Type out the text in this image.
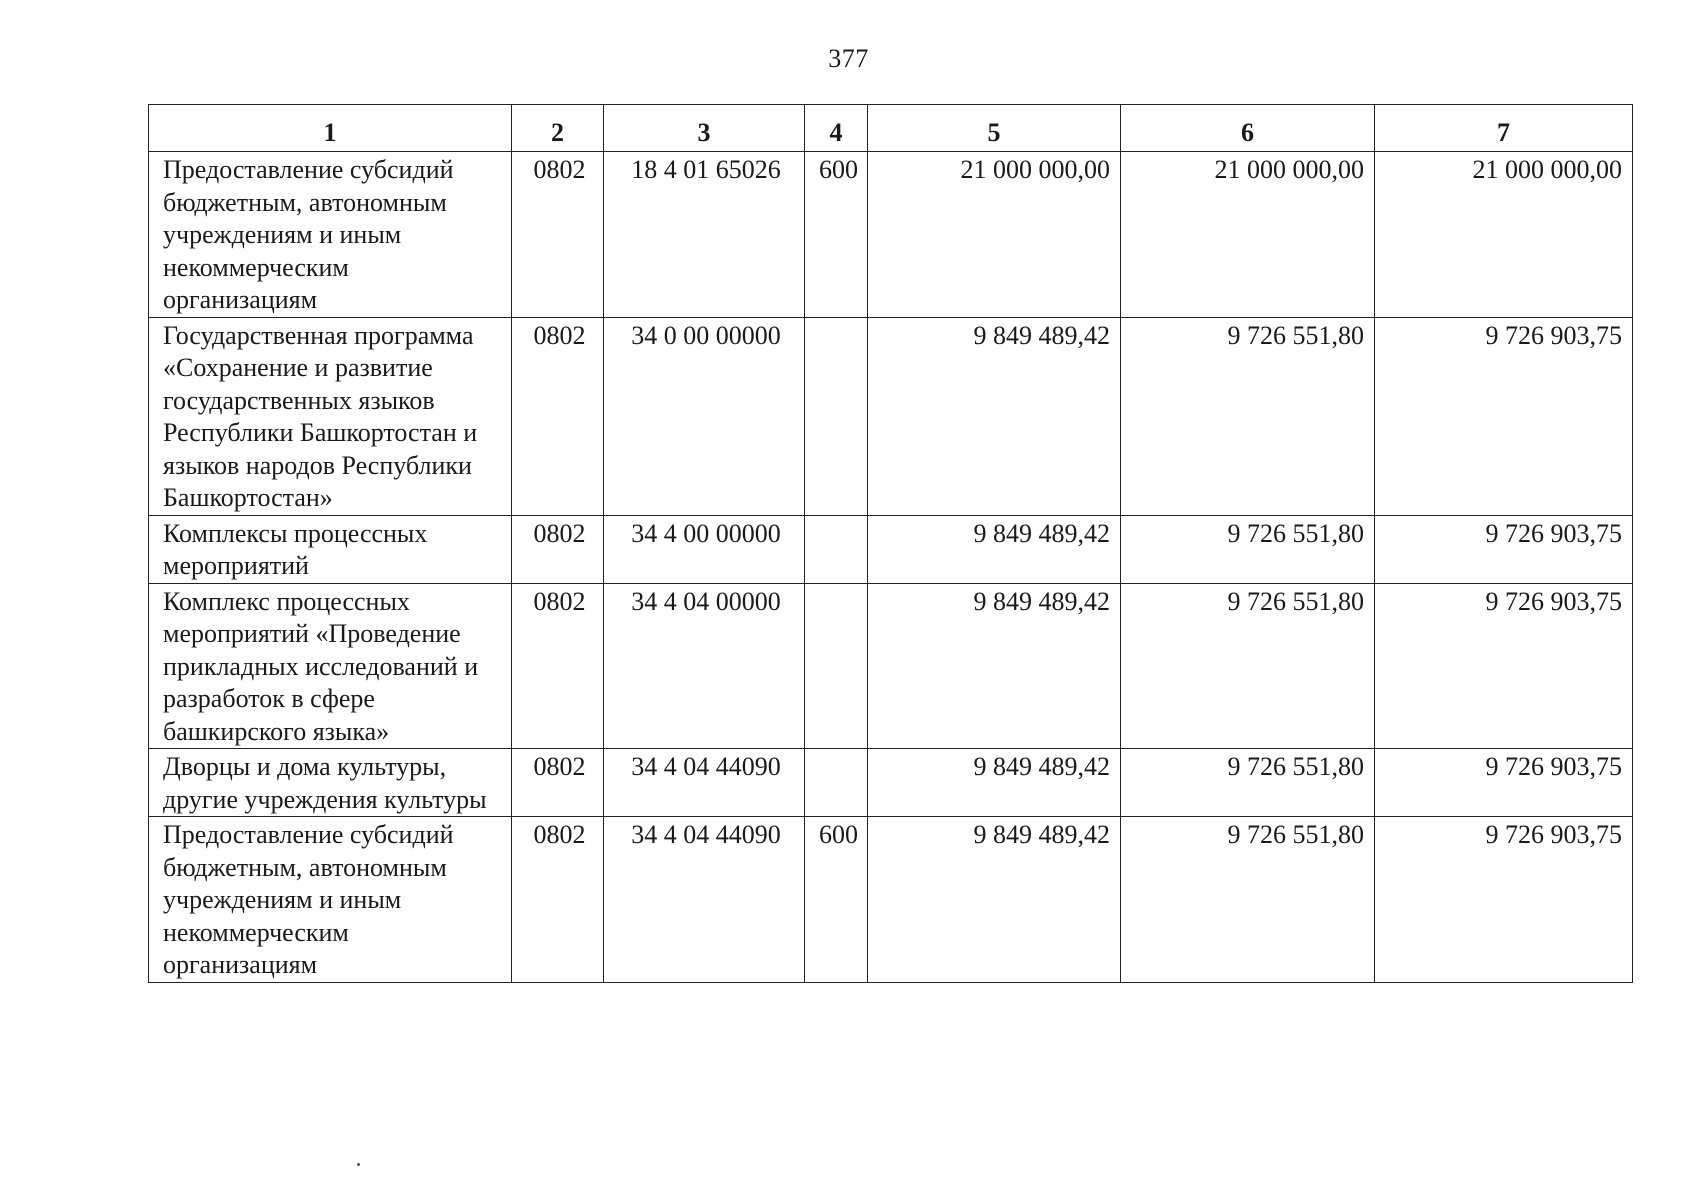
377
1	2	3	4	5	6	7
Предоставление субсидий бюджетным, автономным учреждениям и иным некоммерческим организациям	0802	18 4 01 65026	600	21 000 000,00	21 000 000,00	21 000 000,00
Государственная программа «Сохранение и развитие государственных языков Республики Башкортостан и языков народов Республики Башкортостан»	0802	34 0 00 00000		9 849 489,42	9 726 551,80	9 726 903,75
Комплексы процессных мероприятий	0802	34 4 00 00000		9 849 489,42	9 726 551,80	9 726 903,75
Комплекс процессных мероприятий «Проведение прикладных исследований и разработок в сфере башкирского языка»	0802	34 4 04 00000		9 849 489,42	9 726 551,80	9 726 903,75
Дворцы и дома культуры, другие учреждения культуры	0802	34 4 04 44090		9 849 489,42	9 726 551,80	9 726 903,75
Предоставление субсидий бюджетным, автономным учреждениям и иным некоммерческим организациям	0802	34 4 04 44090	600	9 849 489,42	9 726 551,80	9 726 903,75
